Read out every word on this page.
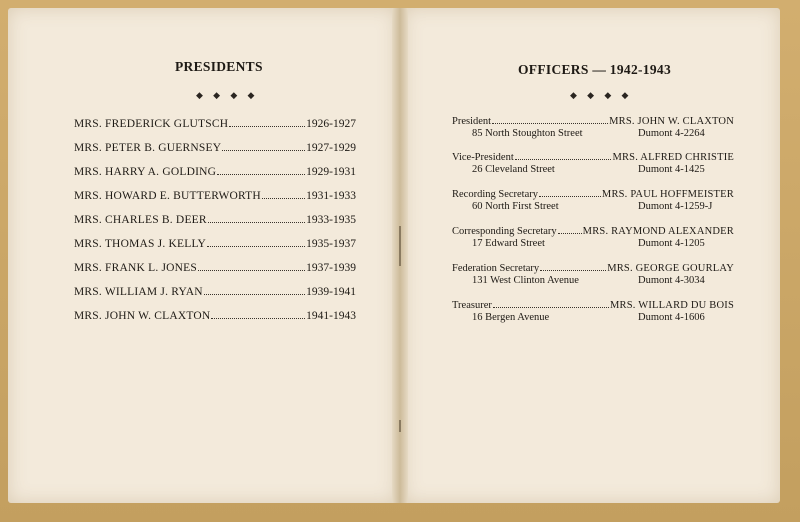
PRESIDENTS
◆ ◆ ◆ ◆
MRS. FREDERICK GLUTSCH	1926-1927
MRS. PETER B. GUERNSEY	1927-1929
MRS. HARRY A. GOLDING	1929-1931
MRS. HOWARD E. BUTTERWORTH	1931-1933
MRS. CHARLES B. DEER	1933-1935
MRS. THOMAS J. KELLY	1935-1937
MRS. FRANK L. JONES	1937-1939
MRS. WILLIAM J. RYAN	1939-1941
MRS. JOHN W. CLAXTON	1941-1943
OFFICERS — 1942-1943
◆ ◆ ◆ ◆
President	MRS. JOHN W. CLAXTON
85 North Stoughton Street	Dumont 4-2264
Vice-President	MRS. ALFRED CHRISTIE
26 Cleveland Street	Dumont 4-1425
Recording Secretary	MRS. PAUL HOFFMEISTER
60 North First Street	Dumont 4-1259-J
Corresponding Secretary MRS. RAYMOND ALEXANDER
17 Edward Street	Dumont 4-1205
Federation Secretary	MRS. GEORGE GOURLAY
131 West Clinton Avenue	Dumont 4-3034
Treasurer	MRS. WILLARD DU BOIS
16 Bergen Avenue	Dumont 4-1606
